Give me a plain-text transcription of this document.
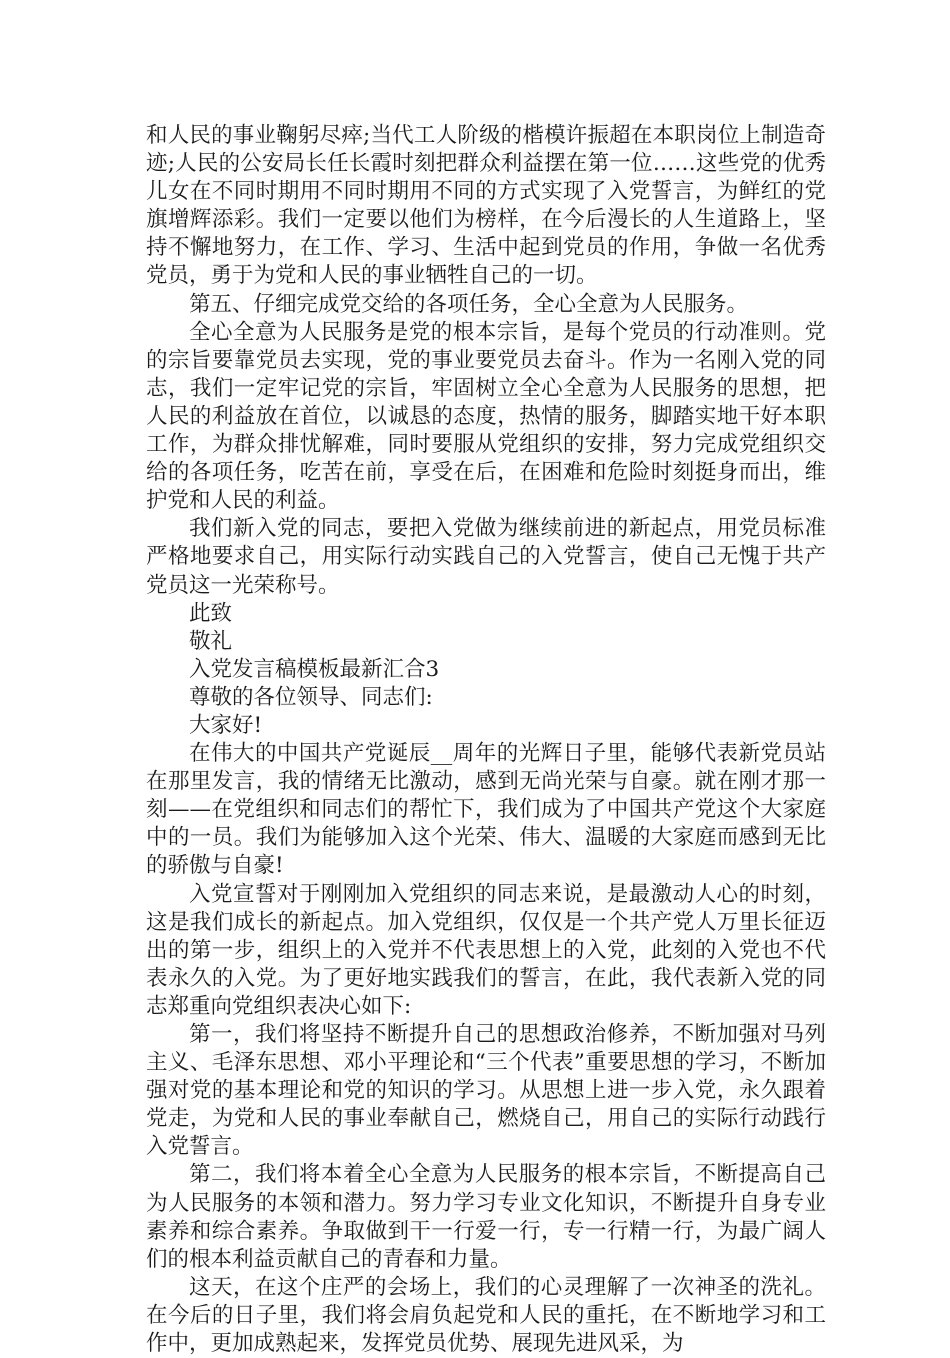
和人民的事业鞠躬尽瘁;当代工人阶级的楷模许振超在本职岗位上制造奇迹;人民的公安局长任长霞时刻把群众利益摆在第一位……这些党的优秀儿女在不同时期用不同时期用不同的方式实现了入党誓言，为鲜红的党旗增辉添彩。我们一定要以他们为榜样，在今后漫长的人生道路上，坚持不懈地努力，在工作、学习、生活中起到党员的作用，争做一名优秀党员，勇于为党和人民的事业牺牲自己的一切。

第五、仔细完成党交给的各项任务，全心全意为人民服务。

全心全意为人民服务是党的根本宗旨，是每个党员的行动准则。党的宗旨要靠党员去实现，党的事业要党员去奋斗。作为一名刚入党的同志，我们一定牢记党的宗旨，牢固树立全心全意为人民服务的思想，把人民的利益放在首位，以诚恳的态度，热情的服务，脚踏实地干好本职工作，为群众排忧解难，同时要服从党组织的安排，努力完成党组织交给的各项任务，吃苦在前，享受在后，在困难和危险时刻挺身而出，维护党和人民的利益。

我们新入党的同志，要把入党做为继续前进的新起点，用党员标准严格地要求自己，用实际行动实践自己的入党誓言，使自己无愧于共产党员这一光荣称号。

此致

敬礼

入党发言稿模板最新汇合3

尊敬的各位领导、同志们:

大家好!

在伟大的中国共产党诞辰__周年的光辉日子里，能够代表新党员站在那里发言，我的情绪无比激动，感到无尚光荣与自豪。就在刚才那一刻——在党组织和同志们的帮忙下，我们成为了中国共产党这个大家庭中的一员。我们为能够加入这个光荣、伟大、温暖的大家庭而感到无比的骄傲与自豪!

入党宣誓对于刚刚加入党组织的同志来说，是最激动人心的时刻，这是我们成长的新起点。加入党组织，仅仅是一个共产党人万里长征迈出的第一步，组织上的入党并不代表思想上的入党，此刻的入党也不代表永久的入党。为了更好地实践我们的誓言，在此，我代表新入党的同志郑重向党组织表决心如下:

第一，我们将坚持不断提升自己的思想政治修养，不断加强对马列主义、毛泽东思想、邓小平理论和“三个代表”重要思想的学习，不断加强对党的基本理论和党的知识的学习。从思想上进一步入党，永久跟着党走，为党和人民的事业奉献自己，燃烧自己，用自己的实际行动践行入党誓言。

第二，我们将本着全心全意为人民服务的根本宗旨，不断提高自己为人民服务的本领和潜力。努力学习专业文化知识，不断提升自身专业素养和综合素养。争取做到干一行爱一行，专一行精一行，为最广阔人们的根本利益贡献自己的青春和力量。

这天，在这个庄严的会场上，我们的心灵理解了一次神圣的洗礼。在今后的日子里，我们将会肩负起党和人民的重托，在不断地学习和工作中，更加成熟起来，发挥党员优势、展现先进风采，为
